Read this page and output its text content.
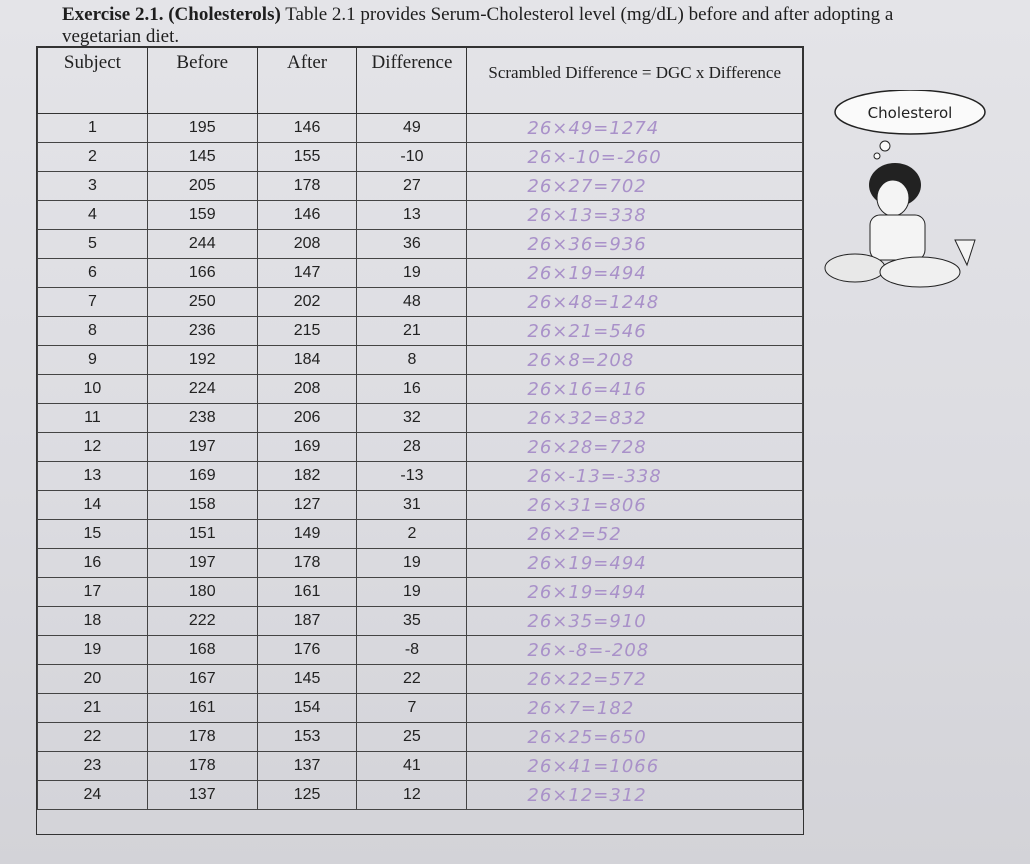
Exercise 2.1. (Cholesterols) Table 2.1 provides Serum-Cholesterol level (mg/dL) before and after adopting a vegetarian diet.
Subject	Before	After	Difference	Scrambled Difference = DGC x Difference
1	195	146	49	26×49=1274
2	145	155	-10	26×-10=-260
3	205	178	27	26×27=702
4	159	146	13	26×13=338
5	244	208	36	26×36=936
6	166	147	19	26×19=494
7	250	202	48	26×48=1248
8	236	215	21	26×21=546
9	192	184	8	26×8=208
10	224	208	16	26×16=416
11	238	206	32	26×32=832
12	197	169	28	26×28=728
13	169	182	-13	26×-13=-338
14	158	127	31	26×31=806
15	151	149	2	26×2=52
16	197	178	19	26×19=494
17	180	161	19	26×19=494
18	222	187	35	26×35=910
19	168	176	-8	26×-8=-208
20	167	145	22	26×22=572
21	161	154	7	26×7=182
22	178	153	25	26×25=650
23	178	137	41	26×41=1066
24	137	125	12	26×12=312
Cholesterol
